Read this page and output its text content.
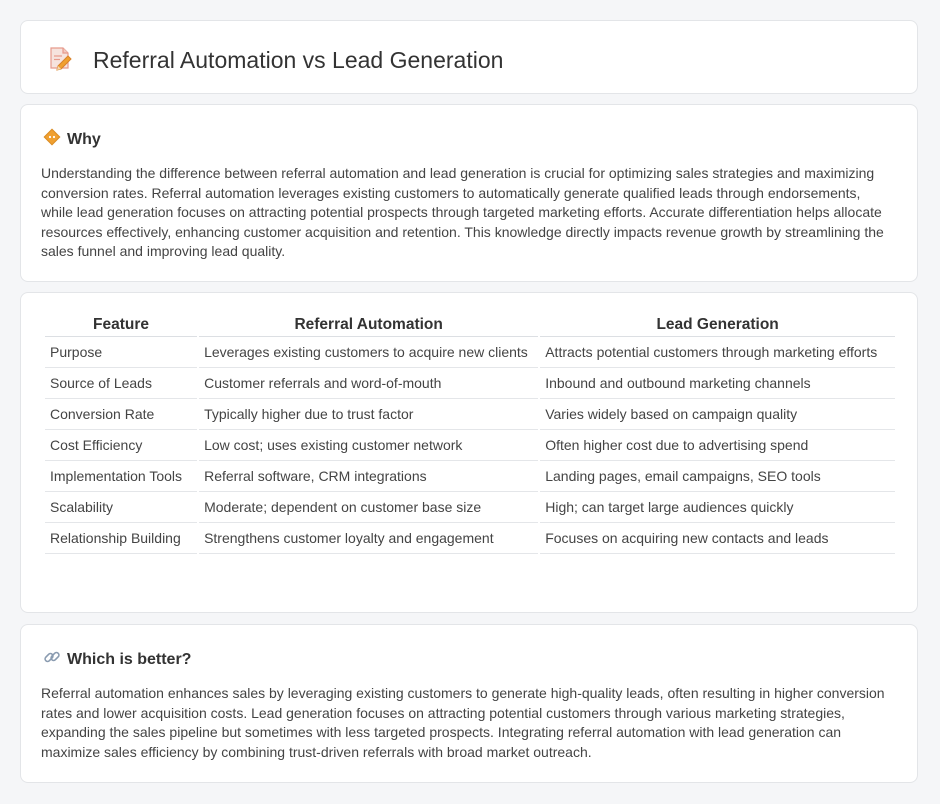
Referral Automation vs Lead Generation
Why

Understanding the difference between referral automation and lead generation is crucial for optimizing sales strategies and maximizing conversion rates. Referral automation leverages existing customers to automatically generate qualified leads through endorsements, while lead generation focuses on attracting potential prospects through targeted marketing efforts. Accurate differentiation helps allocate resources effectively, enhancing customer acquisition and retention. This knowledge directly impacts revenue growth by streamlining the sales funnel and improving lead quality.

Feature	Referral Automation	Lead Generation
Purpose	Leverages existing customers to acquire new clients	Attracts potential customers through marketing efforts
Source of Leads	Customer referrals and word-of-mouth	Inbound and outbound marketing channels
Conversion Rate	Typically higher due to trust factor	Varies widely based on campaign quality
Cost Efficiency	Low cost; uses existing customer network	Often higher cost due to advertising spend
Implementation Tools	Referral software, CRM integrations	Landing pages, email campaigns, SEO tools
Scalability	Moderate; dependent on customer base size	High; can target large audiences quickly
Relationship Building	Strengthens customer loyalty and engagement	Focuses on acquiring new contacts and leads
Which is better?

Referral automation enhances sales by leveraging existing customers to generate high-quality leads, often resulting in higher conversion rates and lower acquisition costs. Lead generation focuses on attracting potential customers through various marketing strategies, expanding the sales pipeline but sometimes with less targeted prospects. Integrating referral automation with lead generation can maximize sales efficiency by combining trust-driven referrals with broad market outreach.
